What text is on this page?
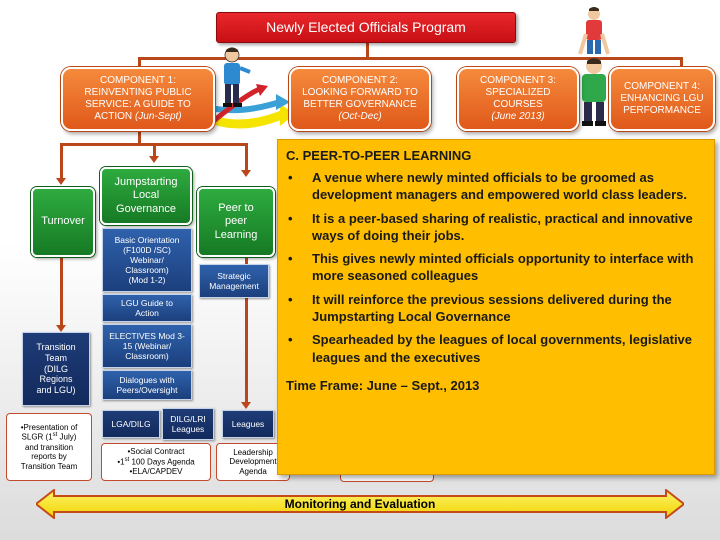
Newly Elected Officials Program
COMPONENT 1:
REINVENTING PUBLIC
SERVICE: A GUIDE TO
ACTION (Jun-Sept)
COMPONENT 2:
LOOKING FORWARD TO
BETTER GOVERNANCE
(Oct-Dec)
COMPONENT 3:
SPECIALIZED
COURSES
(June 2013)
COMPONENT 4:
ENHANCING LGU
PERFORMANCE
Turnover
Jumpstarting
Local
Governance	Peer to
peer
Learning
Basic Orientation
(F100D /SC)
Webinar/
Classroom)
(Mod 1-2)
LGU Guide to
Action
ELECTIVES Mod 3-
15 (Webinar/
Classroom)
Dialogues with
Peers/Oversight
Strategic
Management
Transition
Team
(DILG
Regions
and LGU)
LGA/DILG
DILG/LRI
Leagues
Leagues
•Presentation of
SLGR (1st July)
and transition
reports by
Transition Team
•Social Contract
•1st 100 Days Agenda
•ELA/CAPDEV
Leadership
Development
Agenda
C. PEER-TO-PEER LEARNING
• A venue where newly minted officials to be groomed as development managers and empowered world class leaders.
• It is a peer-based sharing of realistic, practical and innovative ways of doing their jobs.
• This gives newly minted officials opportunity to interface with more seasoned colleagues
• It will reinforce the previous sessions delivered during the Jumpstarting Local Governance
• Spearheaded by the leagues of local governments, legislative leagues and the executives
Time Frame: June – Sept., 2013
Monitoring and Evaluation
